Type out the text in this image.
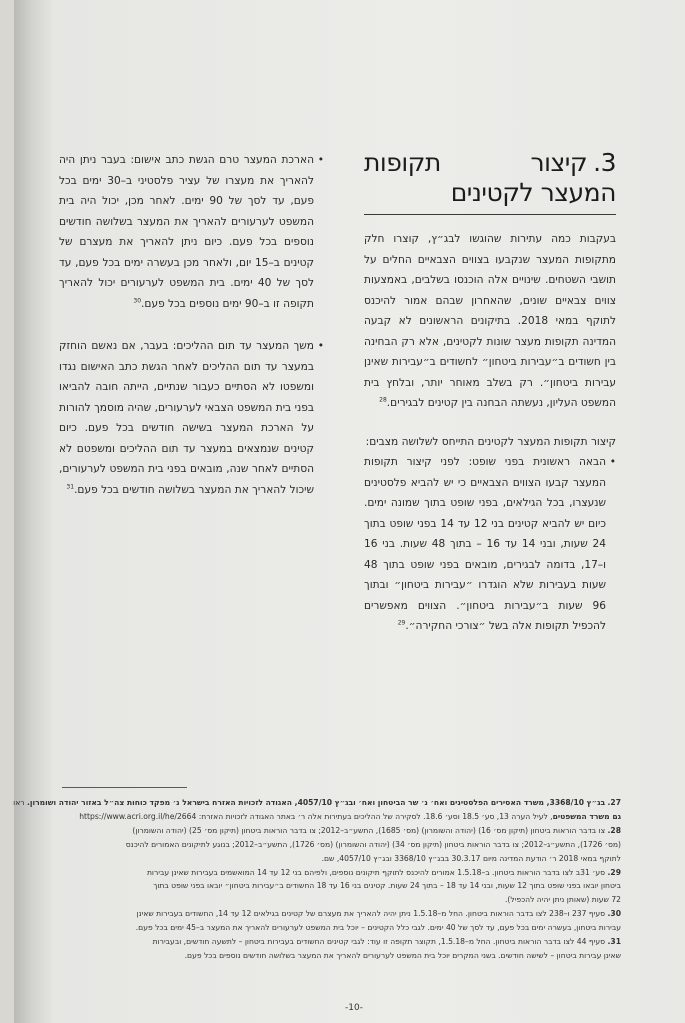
3.קיצור תקופות המעצר לקטינים

בעקבות כמה עתירות שהוגשו לבג״ץ, קוצרו חלק מתקופות המעצר שנקבעו בצווים הצבאיים החלים על תושבי השטחים. שינויים אלה הוכנסו בשלבים, באמצעות צווים צבאיים שונים, שהאחרון שבהם אמור להיכנס לתוקף במאי 2018. בתיקונים הראשונים לא קבעה המדינה תקופות מעצר שונות לקטינים, אלא רק הבחינה בין חשודים ב״עבירות ביטחון״ לחשודים ב״עבירות שאינן עבירות ביטחון״. רק בשלב מאוחר יותר, ובלחץ בית המשפט העליון, נעשתה הבחנה בין קטינים לבגירים.$^{28}$

קיצור תקופות המעצר לקטינים התייחס לשלושה מצבים:

•
הבאה ראשונית בפני שופט: לפני קיצור תקופות המעצר קבעו הצווים הצבאיים כי יש להביא פלסטינים שנעצרו, בכל הגילאים, בפני שופט בתוך שמונה ימים. כיום יש להביא קטינים בני 12 עד 14 בפני שופט בתוך 24 שעות, ובני 14 עד 16 – בתוך 48 שעות. בני 16 ו–17, בדומה לבגירים, מובאים בפני שופט בתוך 48 שעות בעבירות שלא הוגדרו ״עבירות ביטחון״ ובתוך 96 שעות ב״עבירות ביטחון״. הצווים מאפשרים להכפיל תקופות אלה בשל ״צורכי החקירה״.$^{29}$
•
הארכת המעצר טרם הגשת כתב אישום: בעבר ניתן היה להאריך את מעצרו של עציר פלסטיני ב–30 ימים בכל פעם, עד לסך של 90 ימים. לאחר מכן, יכול היה בית המשפט לערעורים להאריך את המעצר בשלושה חודשים נוספים בכל פעם. כיום ניתן להאריך את מעצרם של קטינים ב–15 יום, ולאחר מכן בעשרה ימים בכל פעם, עד לסך של 40 ימים. בית המשפט לערעורים יכול להאריך תקופה זו ב–90 ימים נוספים בכל פעם.$^{30}$
•
משך המעצר עד תום ההליכים: בעבר, אם נאשם הוחזק במעצר עד תום ההליכים לאחר הגשת כתב האישום נגדו ומשפטו לא הסתיים כעבור שנתיים, הייתה חובה להביאו בפני בית המשפט הצבאי לערעורים, שהיה מוסמך להורות על הארכת המעצר בשישה חודשים בכל פעם. כיום קטינים שנמצאים במעצר עד תום ההליכים ומשפטם לא הסתיים לאחר שנה, מובאים בפני בית המשפט לערעורים, שיכול להאריך את המעצר בשלושה חודשים בכל פעם.$^{31}$

27. בג״ץ 3368/10, משרד האסירים הפלסטינים ואח׳ נ׳ שר הביטחון ואח׳ ובג״ץ 4057/10, האגודה לזכויות האזרח בישראל נ׳ מפקד כוחות צה״ל באזור יהודה ושומרון. ראו

גם משרד המשפטים, לעיל הערה 13, סע׳ 18.5 וסע׳ 18.6. לסקירה של ההליכים בעתירות אלה ר׳ באתר האגודה לזכויות האזרח: https://www.acri.org.il/he/2664

28. צו בדבר הוראות ביטחון (תיקון מס׳ 16) (יהודה והשומרון) (מס׳ 1685), התשע״ב–2012; צו בדבר הוראות ביטחון (תיקון מס׳ 25) (יהודה והשומרון)

(מס׳ 1726), התשע״ג–2012; צו בדבר הוראות ביטחון (תיקון מס׳ 34) (יהודה והשומרון) (מס׳ 1726), התשע״ב–2012; בנוגע לתיקונים האמורים להיכנס

לתוקף במאי 2018 ר׳ הודעת המדינה מיום 30.3.17 בבג״ץ 3368/10 ובג״ץ 4057/10, שם.

29. סע׳ 31ב לצו בדבר הוראות ביטחון. ב–1.5.18 אמורים להיכנס לתוקף תיקונים נוספים, ולפיהם בני 12 עד 14 המואשמים בעבירות שאינן עבירות

ביטחון יובאו בפני שופט בתוך 12 שעות, ובני 14 עד 18 – בתוך 24 שעות. קטינים בני 16 עד 18 החשודים ב״עבירות ביטחון״ יובאו בפני שופט בתוך

72 שעות (שאותן ניתן יהיה להכפיל).

30. סעיף 237 ו–238 לצו בדבר הוראות ביטחון. החל מ–1.5.18 ניתן יהיה להאריך את מעצרם של קטינים בגילאים 12 עד 14, החשודים בעבירות שאינן

עבירות ביטחון, בעשרה ימים בכל פעם, עד לסך של 40 ימים. לגבי כלל הקטינים – יוכל בית המשפט לערעורים להאריך את המעצר ב–45 ימים בכל פעם.

31. סעיף 44 לצו בדבר הוראות ביטחון. החל מ–1.5.18, תקוצר תקופה זו עוד: לגבי קטינים החשודים בעבירות ביטחון – לתשעה חודשים, ובעבירות

שאינן עבירות ביטחון – לשישה חודשים. בשני המקרים יוכל בית המשפט לערעורים להאריך את המעצר בשלושה חודשים נוספים בכל פעם.

-10-
